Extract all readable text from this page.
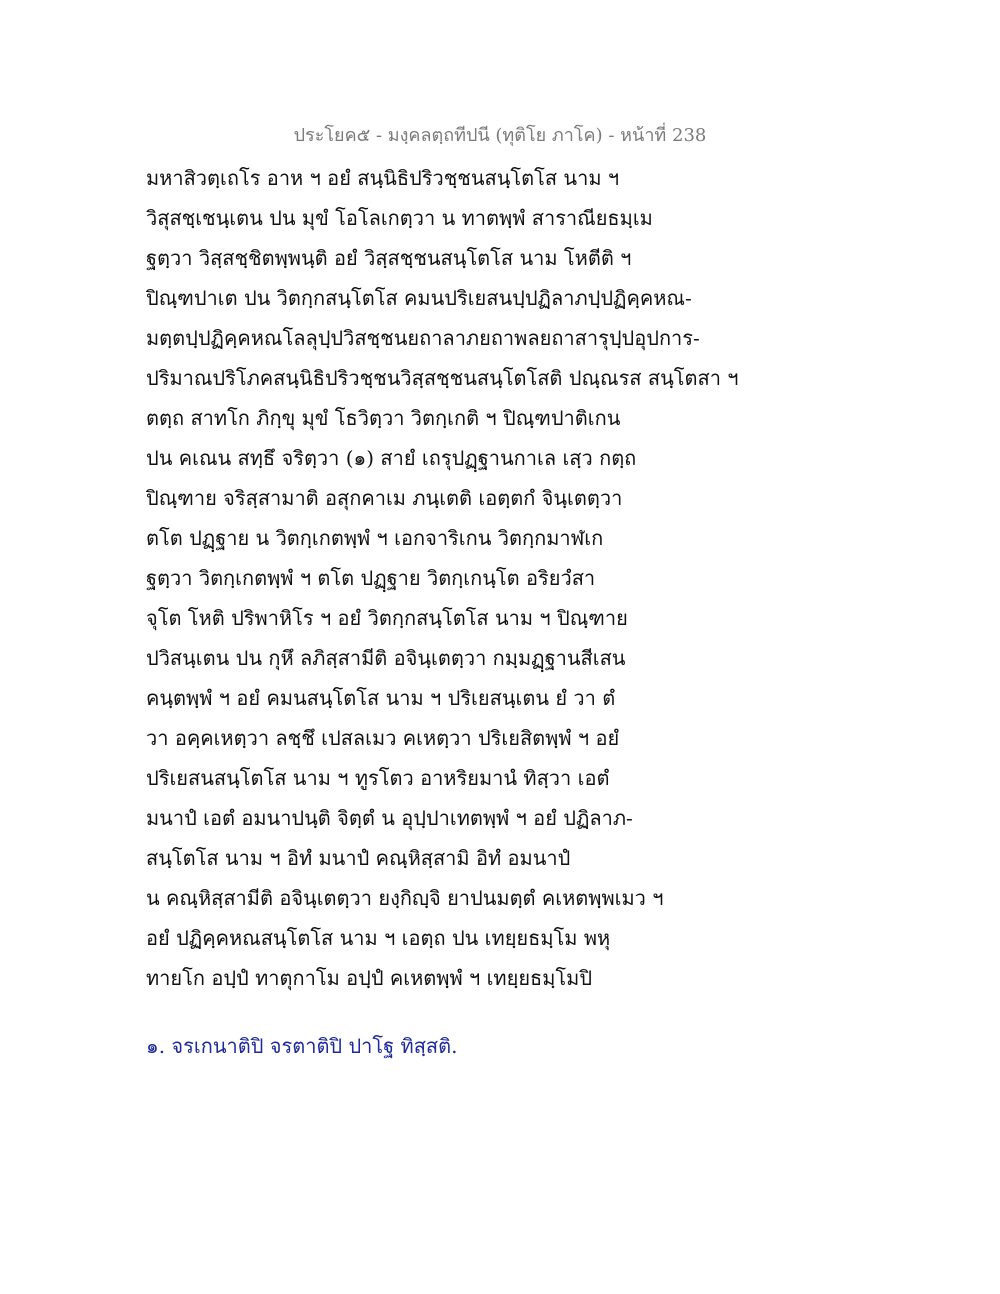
ประโยค๕ - มงฺคลตฺถทีปนี (ทุติโย ภาโค) - หน้าที่ 238
มหาสิวตฺเถโร อาห ฯ อยํ สนฺนิธิปริวชฺชนสนฺโตโส นาม ฯ
วิสุสชฺเชนฺเตน ปน มุขํ โอโลเกตฺวา น ทาตพฺพํ สาราณียธมฺเม
ฐตฺวา วิสฺสชฺชิตพฺพนฺติ อยํ วิสฺสชฺชนสนฺโตโส นาม โหตีติ ฯ
ปิณฺฑปาเต ปน วิตกฺกสนฺโตโส คมนปริเยสนปฺปฏิลาภปฺปฏิคฺคหณ-
มตฺตปฺปฏิคฺคหณโลลุปฺปวิสชฺชนยถาลาภยถาพลยถาสารุปฺปอุปการ-
ปริมาณปริโภคสนฺนิธิปริวชฺชนวิสฺสชฺชนสนฺโตโสติ ปณฺณรส สนฺโตสา ฯ
ตตฺถ สาทโก ภิกฺขุ มุขํ โธวิตฺวา วิตกฺเกติ ฯ ปิณฺฑปาติเกน
ปน คเณน สทฺธึ จริตฺวา (๑) สายํ เถรุปฏฺฐานกาเล เสฺว กตฺถ
ปิณฺฑาย จริสฺสามาติ อสุกคาเม ภนฺเตติ เอตฺตกํ จินฺเตตฺวา
ตโต ปฏฺฐาย น วิตกฺเกตพฺพํ ฯ เอกจาริเกน วิตกฺกมาฬเก
ฐตฺวา วิตกฺเกตพฺพํ ฯ ตโต ปฏฺฐาย วิตกฺเกนฺโต อริยวํสา
จุโต โหติ ปริพาหิโร ฯ อยํ วิตกฺกสนฺโตโส นาม ฯ ปิณฺฑาย
ปวิสนฺเตน ปน กุหึ ลภิสฺสามีติ อจินฺเตตฺวา กมฺมฏฺฐานสีเสน
คนฺตพฺพํ ฯ อยํ คมนสนฺโตโส นาม ฯ ปริเยสนฺเตน ยํ วา ตํ
วา อคฺคเหตฺวา ลชฺชึ เปสลเมว คเหตฺวา ปริเยสิตพฺพํ ฯ อยํ
ปริเยสนสนฺโตโส นาม ฯ ทูรโตว อาหริยมานํ ทิสฺวา เอตํ
มนาปํ เอตํ อมนาปนฺติ จิตฺตํ น อุปฺปาเทตพฺพํ ฯ อยํ ปฏิลาภ-
สนฺโตโส นาม ฯ อิทํ มนาปํ คณฺหิสฺสามิ อิทํ อมนาปํ
น คณฺหิสฺสามีติ อจินฺเตตฺวา ยงฺกิญฺจิ ยาปนมตฺตํ คเหตพฺพเมว ฯ
อยํ ปฏิคฺคหณสนฺโตโส นาม ฯ เอตฺถ ปน เทยฺยธมฺโม พหุ
ทายโก อปฺปํ ทาตุกาโม อปฺปํ คเหตพฺพํ ฯ เทยฺยธมฺโมปิ
๑. จรเกนาติปิ จรตาติปิ ปาโฐ ทิสฺสติ.
